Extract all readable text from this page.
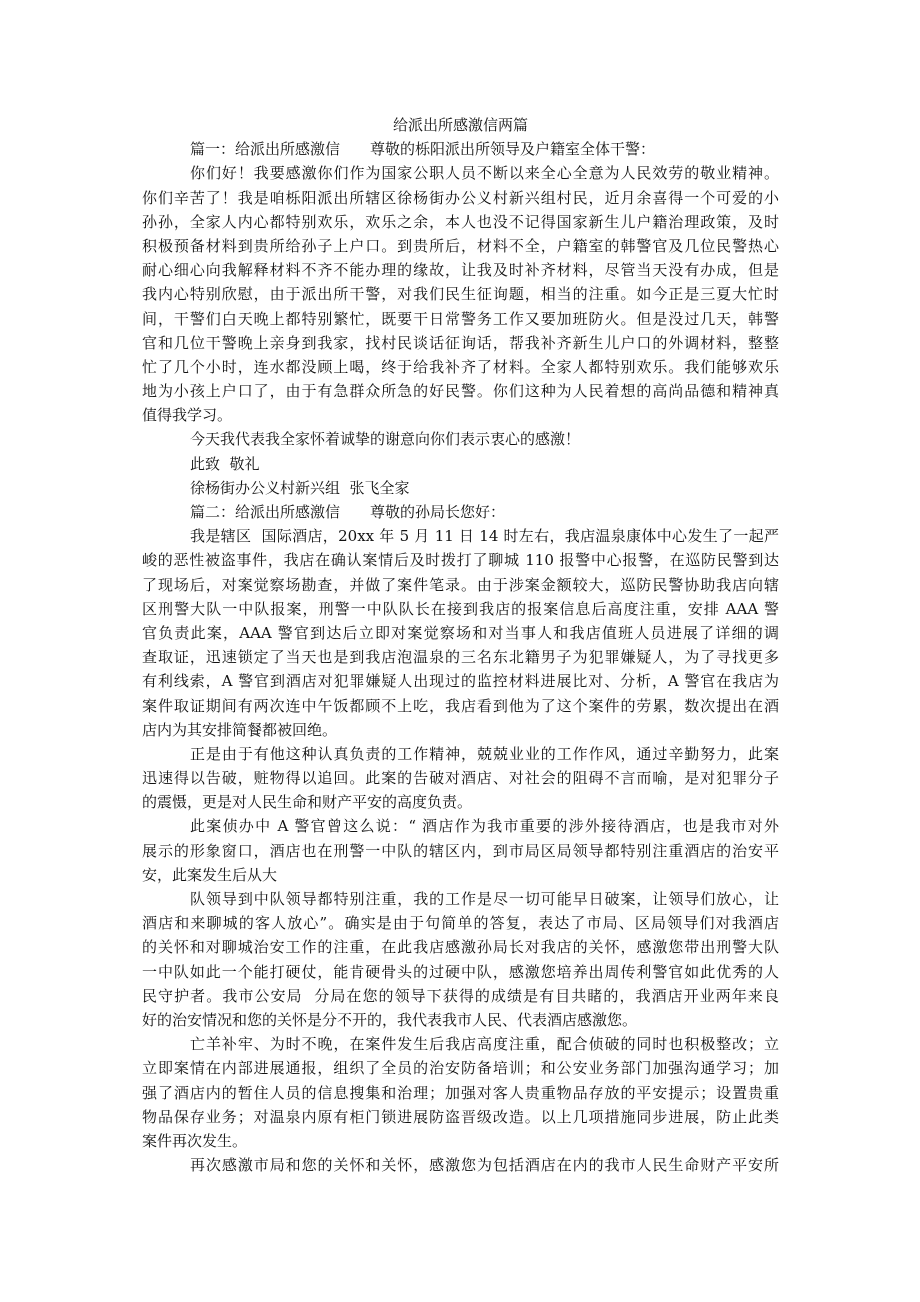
给派出所感激信两篇
篇一：给派出所感激信　　尊敬的栎阳派出所领导及户籍室全体干警：
你们好！我要感激你们作为国家公职人员不断以来全心全意为人民效劳的敬业精神。
你们辛苦了！我是咱栎阳派出所辖区徐杨街办公义村新兴组村民，近月余喜得一个可爱的小
孙孙，全家人内心都特别欢乐，欢乐之余，本人也没不记得国家新生儿户籍治理政策，及时
积极预备材料到贵所给孙子上户口。到贵所后，材料不全，户籍室的韩警官及几位民警热心
耐心细心向我解释材料不齐不能办理的缘故，让我及时补齐材料，尽管当天没有办成，但是
我内心特别欣慰，由于派出所干警，对我们民生征询题，相当的注重。如今正是三夏大忙时
间，干警们白天晚上都特别繁忙，既要干日常警务工作又要加班防火。但是没过几天，韩警
官和几位干警晚上亲身到我家，找村民谈话征询话，帮我补齐新生儿户口的外调材料，整整
忙了几个小时，连水都没顾上喝，终于给我补齐了材料。全家人都特别欢乐。我们能够欢乐
地为小孩上户口了，由于有急群众所急的好民警。你们这种为人民着想的高尚品德和精神真
值得我学习。
今天我代表我全家怀着诚挚的谢意向你们表示衷心的感激！
此致  敬礼
徐杨街办公义村新兴组  张飞全家
篇二：给派出所感激信　　尊敬的孙局长您好：
我是辖区  国际酒店，20xx 年 5 月 11 日 14 时左右，我店温泉康体中心发生了一起严
峻的恶性被盗事件，我店在确认案情后及时拨打了聊城 110 报警中心报警，在巡防民警到达
了现场后，对案觉察场勘查，并做了案件笔录。由于涉案金额较大，巡防民警协助我店向辖
区刑警大队一中队报案，刑警一中队队长在接到我店的报案信息后高度注重，安排 AAA 警
官负责此案，AAA 警官到达后立即对案觉察场和对当事人和我店值班人员进展了详细的调
查取证，迅速锁定了当天也是到我店泡温泉的三名东北籍男子为犯罪嫌疑人，为了寻找更多
有利线索，A 警官到酒店对犯罪嫌疑人出现过的监控材料进展比对、分析，A 警官在我店为
案件取证期间有两次连中午饭都顾不上吃，我店看到他为了这个案件的劳累，数次提出在酒
店内为其安排简餐都被回绝。
正是由于有他这种认真负责的工作精神，兢兢业业的工作作风，通过辛勤努力，此案
迅速得以告破，赃物得以追回。此案的告破对酒店、对社会的阻碍不言而喻，是对犯罪分子
的震慑，更是对人民生命和财产平安的高度负责。
此案侦办中 A 警官曾这么说：“ 酒店作为我市重要的涉外接待酒店，也是我市对外
展示的形象窗口，酒店也在刑警一中队的辖区内，到市局区局领导都特别注重酒店的治安平
安，此案发生后从大
队领导到中队领导都特别注重，我的工作是尽一切可能早日破案，让领导们放心，让
酒店和来聊城的客人放心”。确实是由于句简单的答复，表达了市局、区局领导们对我酒店
的关怀和对聊城治安工作的注重，在此我店感激孙局长对我店的关怀，感激您带出刑警大队
一中队如此一个能打硬仗，能肯硬骨头的过硬中队，感激您培养出周传利警官如此优秀的人
民守护者。我市公安局  分局在您的领导下获得的成绩是有目共睹的，我酒店开业两年来良
好的治安情况和您的关怀是分不开的，我代表我市人民、代表酒店感激您。
亡羊补牢、为时不晚，在案件发生后我店高度注重，配合侦破的同时也积极整改；立
立即案情在内部进展通报，组织了全员的治安防备培训；和公安业务部门加强沟通学习；加
强了酒店内的暂住人员的信息搜集和治理；加强对客人贵重物品存放的平安提示；设置贵重
物品保存业务；对温泉内原有柜门锁进展防盗晋级改造。以上几项措施同步进展，防止此类
案件再次发生。
再次感激市局和您的关怀和关怀，感激您为包括酒店在内的我市人民生命财产平安所
